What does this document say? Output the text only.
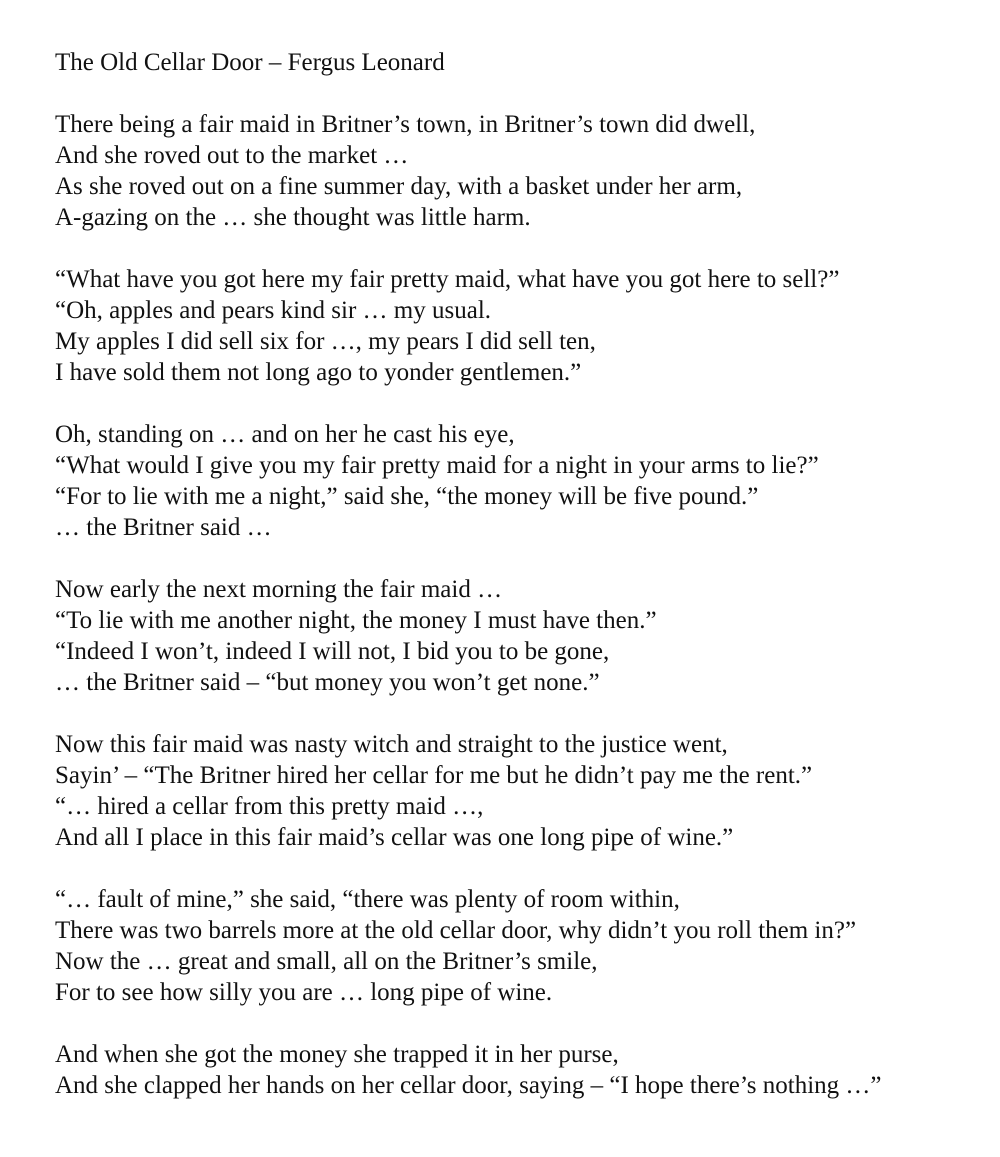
The Old Cellar Door – Fergus Leonard

There being a fair maid in Britner’s town, in Britner’s town did dwell,
And she roved out to the market …
As she roved out on a fine summer day, with a basket under her arm,
A-gazing on the … she thought was little harm.

“What have you got here my fair pretty maid, what have you got here to sell?”
“Oh, apples and pears kind sir … my usual.
My apples I did sell six for …, my pears I did sell ten,
I have sold them not long ago to yonder gentlemen.”

Oh, standing on … and on her he cast his eye,
“What would I give you my fair pretty maid for a night in your arms to lie?”
“For to lie with me a night,” said she, “the money will be five pound.”
… the Britner said …

Now early the next morning the fair maid …
“To lie with me another night, the money I must have then.”
“Indeed I won’t, indeed I will not, I bid you to be gone,
… the Britner said – “but money you won’t get none.”

Now this fair maid was nasty witch and straight to the justice went,
Sayin’ – “The Britner hired her cellar for me but he didn’t pay me the rent.”
“… hired a cellar from this pretty maid …,
And all I place in this fair maid’s cellar was one long pipe of wine.”

“… fault of mine,” she said, “there was plenty of room within,
There was two barrels more at the old cellar door, why didn’t you roll them in?”
Now the … great and small, all on the Britner’s smile,
For to see how silly you are … long pipe of wine.

And when she got the money she trapped it in her purse,
And she clapped her hands on her cellar door, saying – “I hope there’s nothing …”
